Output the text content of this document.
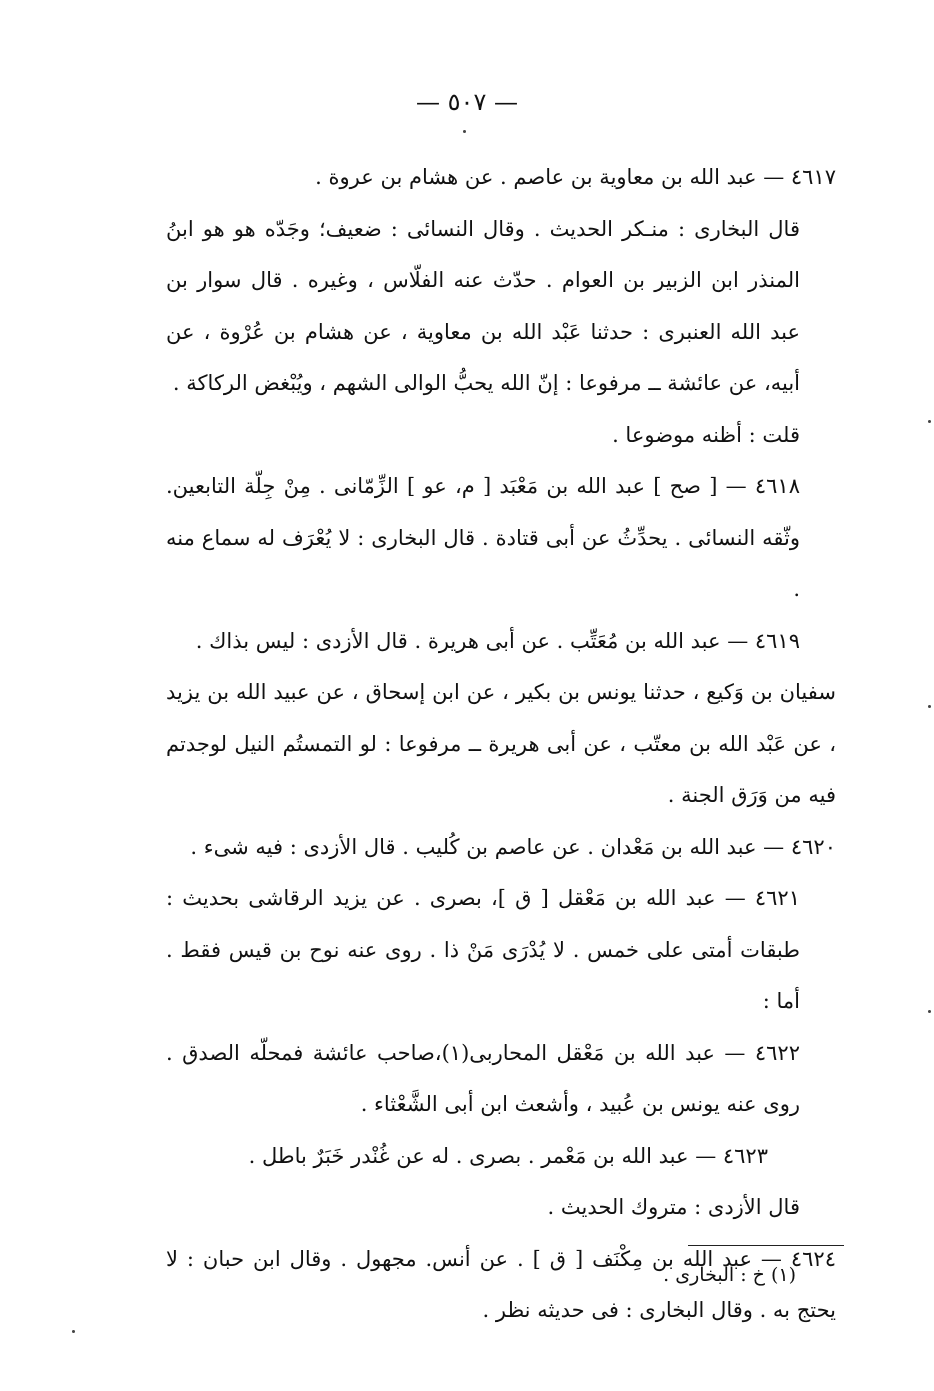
— ٥٠٧ —

٤٦١٧ — عبد الله بن معاوية بن عاصم . عن هشام بن عروة .

قال البخارى : منـكر الحديث . وقال النسائى : ضعيف؛ وجَدّه هو هو ابنُ المنذر ابن الزبير بن العوام . حدّث عنه الفلّاس ، وغيره . قال سوار بن عبد الله العنبرى : حدثنا عَبْد الله بن معاوية ، عن هشام بن عُرْوة ، عن أبيه، عن عائشة ــ مرفوعا : إنّ الله يحبُّ الوالى الشهم ، ويُبْغض الركاكة .

قلت : أظنه موضوعا .

٤٦١٨ — [ صح ] عبد الله بن مَعْبَد [ م، عو ] الزِّمّانى . مِنْ جِلّة التابعين. وثّقه النسائى . يحدِّثُ عن أبى قتادة . قال البخارى : لا يُعْرَف له سماع منه .

٤٦١٩ — عبد الله بن مُعَتِّب . عن أبى هريرة . قال الأزدى : ليس بذاك .

سفيان بن وَكيع ، حدثنا يونس بن بكير ، عن ابن إسحاق ، عن عبيد الله بن يزيد ، عن عَبْد الله بن معتّب ، عن أبى هريرة ــ مرفوعا : لو التمستُم النيل لوجدتم فيه من وَرَق الجنة .

٤٦٢٠ — عبد الله بن مَعْدان . عن عاصم بن كُليب . قال الأزدى : فيه شىء .

٤٦٢١ — عبد الله بن مَعْقل [ ق ]، بصرى . عن يزيد الرقاشى بحديث : طبقات أمتى على خمس . لا يُدْرَى مَنْ ذا . روى عنه نوح بن قيس فقط . أما :

٤٦٢٢ — عبد الله بن مَعْقل المحاربى(١)،صاحب عائشة فمحلّه الصدق . روى عنه يونس بن عُبيد ، وأشعث ابن أبى الشَّعْثاء .

٤٦٢٣ — عبد الله بن مَعْمر . بصرى . له عن غُنْدر خَبَرٌ باطل .

قال الأزدى : متروك الحديث .

٤٦٢٤ — عبد الله بن مِكْنَف [ ق ] . عن أنس. مجهول . وقال ابن حبان : لا يحتج به . وقال البخارى : فى حديثه نظر .

(١) خ : البخارى .
